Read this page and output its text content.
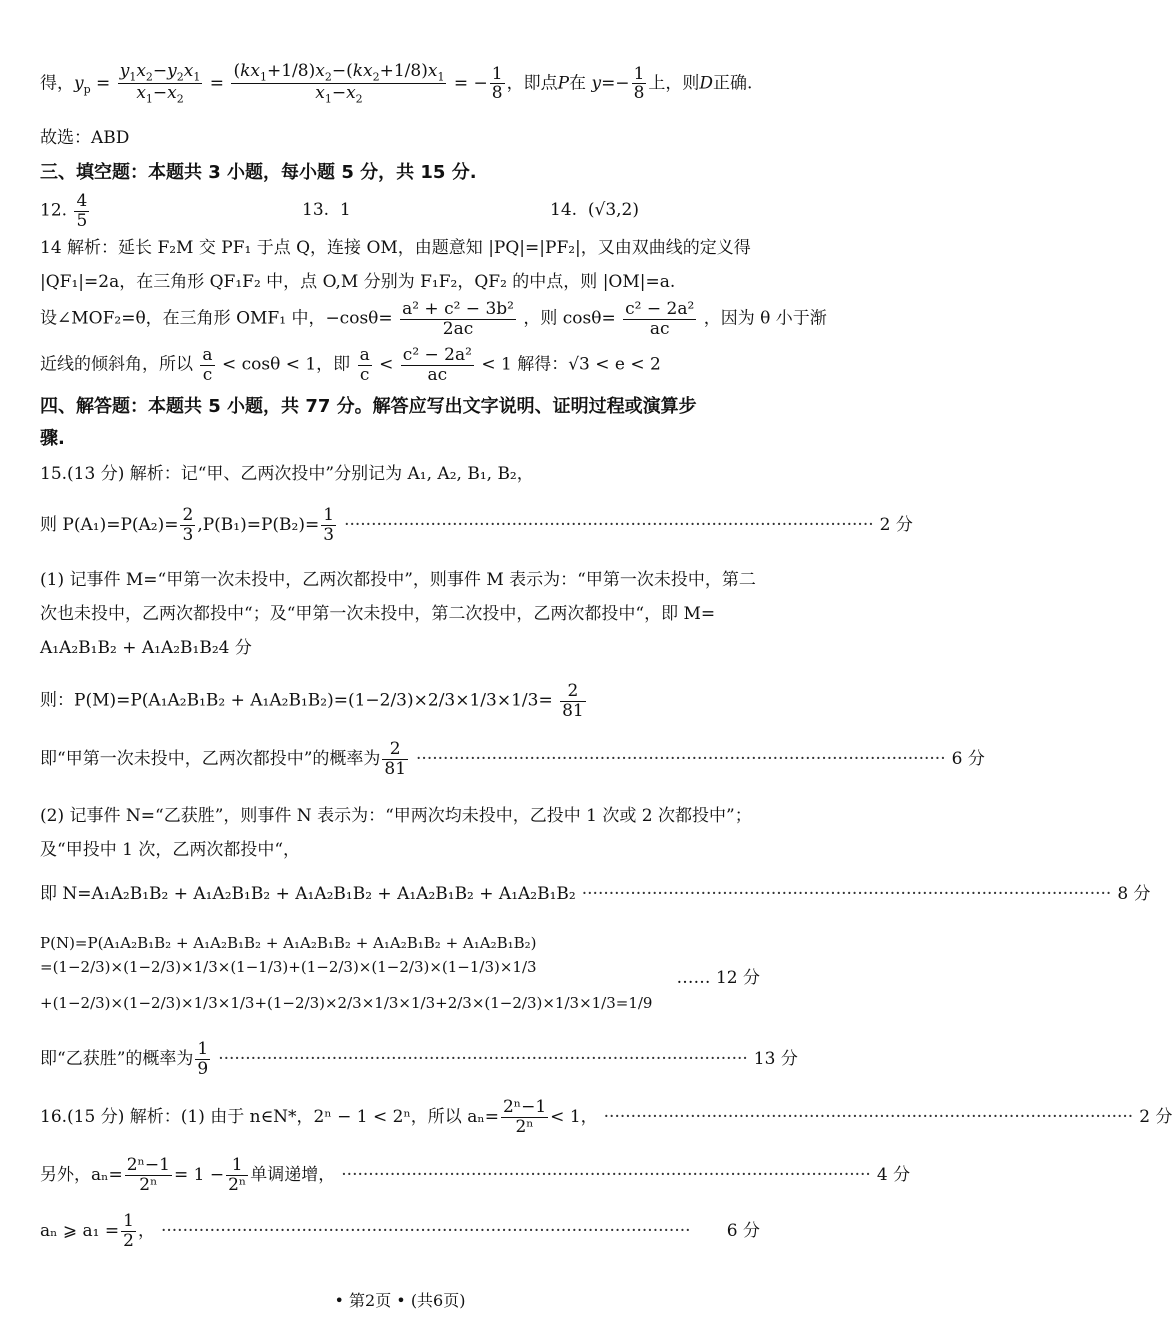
得，$y_p = \frac{y_1x_2-y_2x_1}{x_1-x_2} = \frac{(kx_1+1/8)x_2-(kx_2+1/8)x_1}{x_1-x_2}$ = − $\frac{1}{8}$ ，即点P在 $y=- \frac{1}{8}$ 上，则D正确.
故选：ABD
三、填空题：本题共 3 小题，每小题 5 分，共 15 分.
12. $\frac{4}{5}$	13. 1	14. (√3,2)
14 解析：延长 F₂M 交 PF₁ 于点 Q，连接 OM，由题意知 |PQ|=|PF₂|，又由双曲线的定义得
|QF₁|=2a，在三角形 QF₁F₂ 中，点 O,M 分别为 F₁F₂，QF₂ 的中点，则 |OM|=a.
设∠MOF₂=θ，在三角形 OMF₁ 中，$-\cos\theta= \frac{\text{a² + c² − 3b²}}{2ac}$ ，则 $\cos\theta= \frac{\text{c² − 2a²}}{ac}$ ，因为 θ 小于渐
近线的倾斜角，所以 $\frac{a}{c} < \cos\theta < 1$，即 $\frac{a}{c} < \frac{\text{c² − 2a²}}{ac} < 1$ 解得：√3 < e < 2
四、解答题：本题共 5 小题，共 77 分。解答应写出文字说明、证明过程或演算步
骤.
15.(13 分) 解析：记“甲、乙两次投中”分别记为 A₁, A₂, B₁, B₂，
则 $P(A_1)=P(A_2)= \frac{2}{3} ,P(B_1)=P(B_2)= \frac{1}{3}$ ·································································································· 2 分
(1) 记事件 M=“甲第一次未投中，乙两次都投中”，则事件 M 表示为：“甲第一次未投中，第二
次也未投中，乙两次都投中“；及“甲第一次未投中，第二次投中，乙两次都投中“，即 M=
A₁A₂B₁B₂ + A₁A₂B₁B₂4 分
则：$P(M)=P(A_1A_2B_1B_2 + A_1A_2B_1B_2)=(1-2/3)\times 2/3\times 1/3\times 1/3= \frac{2}{81}$
即“甲第一次未投中，乙两次都投中”的概率为 $\frac{2}{81}$ ·································································································· 6 分
(2) 记事件 N=“乙获胜”，则事件 N 表示为：“甲两次均未投中，乙投中 1 次或 2 次都投中”；
及“甲投中 1 次，乙两次都投中“，
即 N=A₁A₂B₁B₂ + A₁A₂B₁B₂ + A₁A₂B₁B₂ + A₁A₂B₁B₂ + A₁A₂B₁B₂ ·································································································· 8 分
P(N)=P(A₁A₂B₁B₂ + A₁A₂B₁B₂ + A₁A₂B₁B₂ + A₁A₂B₁B₂ + A₁A₂B₁B₂)
=(1−2/3)×(1−2/3)×1/3×(1−1/3)+(1−2/3)×(1−2/3)×(1−1/3)×1/3
+(1−2/3)×(1−2/3)×1/3×1/3+(1−2/3)×2/3×1/3×1/3+2/3×(1−2/3)×1/3×1/3=1/9
…… 12 分
即“乙获胜”的概率为 $\frac{1}{9}$ ·································································································· 13 分
16.(15 分) 解析：(1) 由于 n∈N*，2ⁿ − 1 < 2ⁿ，所以 $a_n= \frac{\text{2ⁿ−1}}{\text{2ⁿ}} < 1$， ·································································································· 2 分
另外，$a_n= \frac{\text{2ⁿ−1}}{\text{2ⁿ}} = 1 - \frac{1}{\text{2ⁿ}}$ 单调递增， ·································································································· 4 分
aₙ ⩾ $a_1 = \frac{1}{2}$ ， ··································································································	6 分
• 第2页 • (共6页)
